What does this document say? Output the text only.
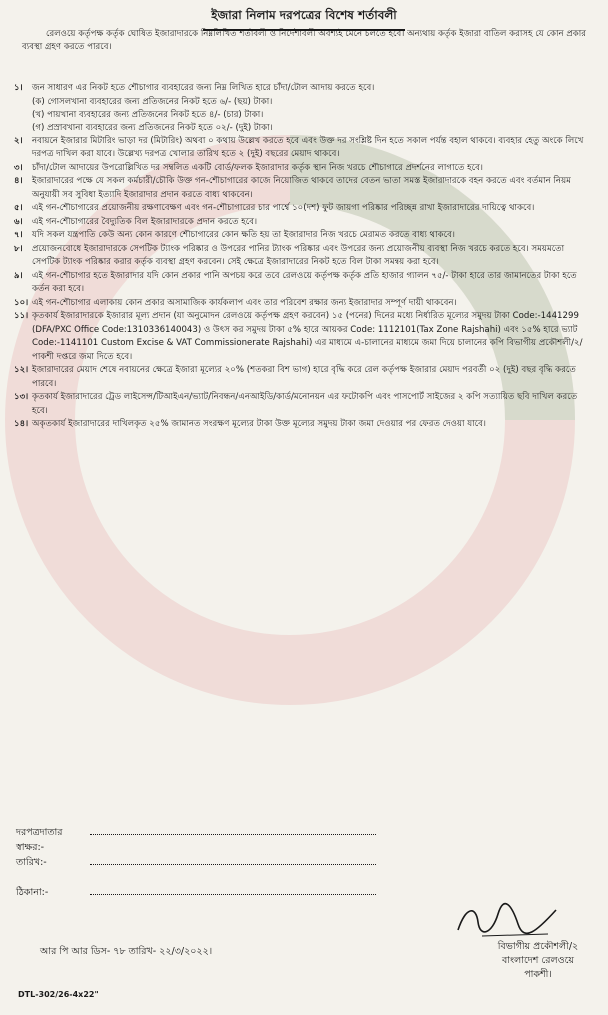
ইজারা নিলাম দরপত্রের বিশেষ শর্তাবলী
রেলওয়ে কর্তৃপক্ষ কর্তৃক ঘোষিত ইজারাদারকে নিম্নলিখিত শর্তাবলী ও নির্দেশাবলী অবশ্যই মেনে চলতে হবে। অন্যথায় কর্তৃক ইজারা বাতিল করাসহ যে কোন প্রকার ব্যবস্থা গ্রহণ করতে পারবে।
১।	জন সাধারণ এর নিকট হতে শৌচাগার ব্যবহারের জন্য নিম্ন লিখিত হারে চাঁদা/টোল আদায় করতে হবে।
(ক) গোসলখানা ব্যবহারের জন্য প্রতিজনের নিকট হতে ৬/- (ছয়) টাকা।
(খ) পায়খানা ব্যবহারের জন্য প্রতিজনের নিকট হতে ৪/- (চার) টাকা।
(গ) প্রস্রাবখানা ব্যবহারের জন্য প্রতিজনের নিকট হতে ০২/- (দুই) টাকা।
২।	নবায়নে ইজারার মিটারিং ভাড়া দর (মিটারিং) অথবা ০ কথায় উল্লেখ করতে হবে এবং উক্ত দর সংশ্লিষ্ট দিন হতে সকাল পর্যন্ত বহাল থাকবে। ব্যবহার হেতু অংকে লিখে দরপত্র দাখিল করা যাবে। উল্লেখ্য দরপত্র খোলার তারিখ হতে ২ (দুই) বছরের মেয়াদ থাকবে।
৩।	চাঁদা/টোল আদায়ের উপরোল্লিখিত দর সম্বলিত একটি বোর্ড/ফলক ইজারাদার কর্তৃক স্থান নিজ খরচে শৌচাগারে প্রদর্শনের লাগাতে হবে।
৪।	ইজারাদারের পক্ষে যে সকল কর্মচারী/চৌকি উক্ত গন-শৌচাগারের কাজে নিয়োজিত থাকবে তাদের বেতন ভাতা সমস্ত ইজারাদারকে বহন করতে এবং বর্তমান নিয়ম অনুযায়ী সব সুবিধা ইত্যাদি ইজারাদার প্রদান করতে বাধ্য থাকবেন।
৫।	এই গন-শৌচাগারের প্রয়োজনীয় রক্ষণাবেক্ষণ এবং গন-শৌচাগারের চার পার্শ্বে ১০(দশ) ফুট জায়গা পরিষ্কার পরিচ্ছন্ন রাখা ইজারাদারের দায়িত্বে থাকবে।
৬।	এই গন-শৌচাগারের বৈদ্যুতিক বিল ইজারাদারকে প্রদান করতে হবে।
৭।	যদি সকল যন্ত্রপাতি কেউ অন্য কোন কারণে শৌচাগারের কোন ক্ষতি হয় তা ইজারাদার নিজ খরচে মেরামত করতে বাধ্য থাকবে।
৮।	প্রয়োজনবোধে ইজারাদারকে সেপটিক ট্যাংক পরিষ্কার ও উপরের পানির ট্যাংক পরিষ্কার এবং উপরের জন্য প্রয়োজনীয় ব্যবস্থা নিজ খরচে করতে হবে। সময়মতো সেপটিক ট্যাংক পরিষ্কার করার কর্তৃক ব্যবস্থা গ্রহণ করবেন। সেই ক্ষেত্রে ইজারাদারের নিকট হতে বিল টাকা সমন্বয় করা হবে।
৯।	এই গন-শৌচাগার হতে ইজারাদার যদি কোন প্রকার পানি অপচয় করে তবে রেলওয়ে কর্তৃপক্ষ কর্তৃক প্রতি হাজার গ্যালন ৭৫/- টাকা হারে তার জামানতের টাকা হতে কর্তন করা হবে।
১০। এই গন-শৌচাগার এলাকায় কোন প্রকার অসামাজিক কার্যকলাপ এবং তার পরিবেশ রক্ষার জন্য ইজারাদার সম্পূর্ণ দায়ী থাকবেন।
১১। কৃতকার্য ইজারাদারকে ইজারার মূল্য প্রদান (যা অনুমোদন রেলওয়ে কর্তৃপক্ষ গ্রহণ করবেন) ১৫ (পনের) দিনের মধ্যে নির্ধারিত মূল্যের সমুদয় টাকা Code:-1441299 (DFA/PXC Office Code:1310336140043) ও উৎস কর সমুদয় টাকা ৫% হারে আয়কর Code: 1112101(Tax Zone Rajshahi) এবং ১৫% হারে ভ্যাট Code:-1141101 Custom Excise & VAT Commissionerate Rajshahi) এর মাধ্যমে এ-চালানের মাধ্যমে জমা দিয়ে চালানের কপি বিভাগীয় প্রকৌশলী/২/পাকশী দপ্তরে জমা দিতে হবে।
১২। ইজারাদারের মেয়াদ শেষে নবায়নের ক্ষেত্রে ইজারা মূল্যের ২০% (শতকরা বিশ ভাগ) হারে বৃদ্ধি করে রেল কর্তৃপক্ষ ইজারার মেয়াদ পরবর্তী ০২ (দুই) বছর বৃদ্ধি করতে পারবে।
১৩। কৃতকার্য ইজারাদারের ট্রেড লাইসেন্স/টিআইএন/ভ্যাট/নিবন্ধন/এনআইডি/কার্ড/মনোনয়ন এর ফটোকপি এবং পাসপোর্ট সাইজের ২ কপি সত্যায়িত ছবি দাখিল করতে হবে।
১৪। অকৃতকার্য ইজারাদারের দাখিলকৃত ২৫% জামানত সংরক্ষণ মূল্যের টাকা উক্ত মূল্যের সমুদয় টাকা জমা দেওয়ার পর ফেরত দেওয়া যাবে।
দরপত্রদাতার স্বাক্ষর:-
তারিখ:-
ঠিকানা:-
আর পি আর ডিস- ৭৮ তারিখ- ২২/৩/২০২২।	বিভাগীয় প্রকৌশলী/২
বাংলাদেশ রেলওয়ে
পাকশী।
DTL-302/26-4x22"
